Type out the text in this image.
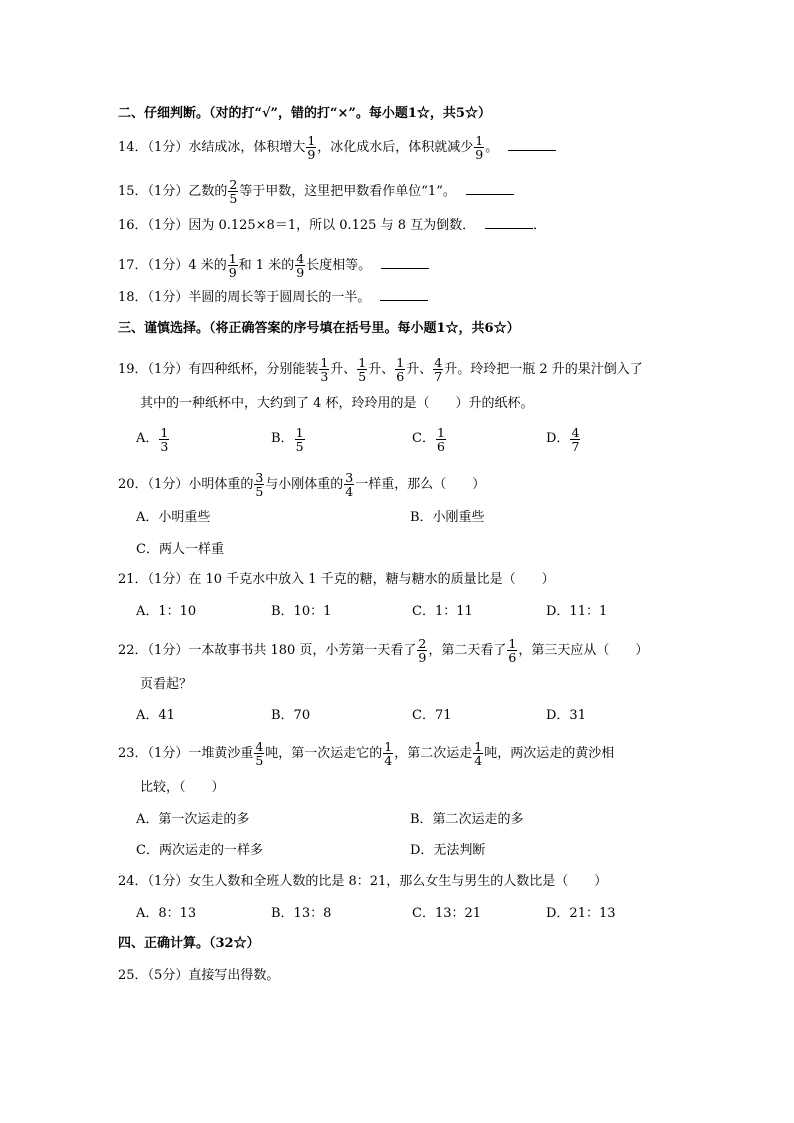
二、仔细判断。（对的打“√”，错的打“×”。每小题1☆，共5☆）
14．（1分）水结成冰，体积增大 $\frac{1}{9}$ ，冰化成水后，体积就减少 $\frac{1}{9}$ 。
15．（1分）乙数的 $\frac{2}{5}$ 等于甲数，这里把甲数看作单位“1”。
16．（1分）因为 0.125×8＝1，所以 0.125 与 8 互为倒数．	．
17．（1分）4 米的 $\frac{1}{9}$ 和 1 米的 $\frac{4}{9}$ 长度相等。
18．（1分）半圆的周长等于圆周长的一半。
三、谨慎选择。（将正确答案的序号填在括号里。每小题1☆，共6☆）
19．（1分）有四种纸杯，分别能装 $\frac{1}{3}$ 升、 $\frac{1}{5}$ 升、 $\frac{1}{6}$ 升、 $\frac{4}{7}$ 升。玲玲把一瓶 2 升的果汁倒入了
其中的一种纸杯中，大约到了 4 杯，玲玲用的是（　　）升的纸杯。
A． $\frac{1}{3}$	B． $\frac{1}{5}$	C． $\frac{1}{6}$	D． $\frac{4}{7}$
20．（1分）小明体重的 $\frac{3}{5}$ 与小刚体重的 $\frac{3}{4}$ 一样重，那么（　　）
A．小明重些	B．小刚重些
C．两人一样重
21．（1分）在 10 千克水中放入 1 千克的糖，糖与糖水的质量比是（　　）
A．1：10	B．10：1	C．1：11	D．11：1
22．（1分）一本故事书共 180 页，小芳第一天看了 $\frac{2}{9}$ ，第二天看了 $\frac{1}{6}$ ，第三天应从（　　）
页看起？
A．41	B．70	C．71	D．31
23．（1分）一堆黄沙重 $\frac{4}{5}$ 吨，第一次运走它的 $\frac{1}{4}$ ，第二次运走 $\frac{1}{4}$ 吨，两次运走的黄沙相
比较，（　　）
A．第一次运走的多	B．第二次运走的多
C．两次运走的一样多	D．无法判断
24．（1分）女生人数和全班人数的比是 8：21，那么女生与男生的人数比是（　　）
A．8：13	B．13：8	C．13：21	D．21：13
四、正确计算。（32☆）
25．（5分）直接写出得数。
